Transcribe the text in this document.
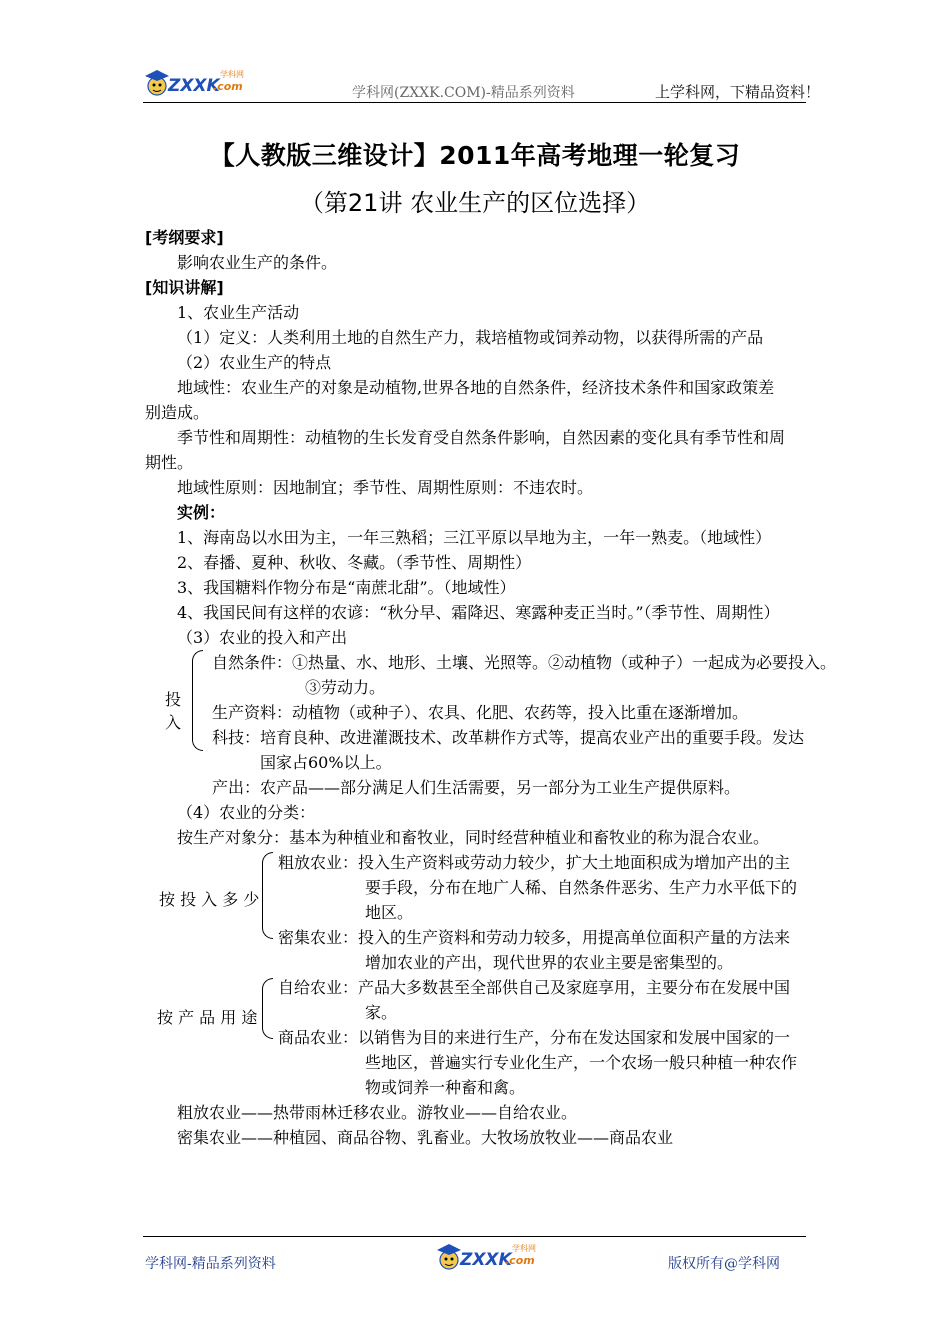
ZXXK
.com
学科网
学科网(ZXXK.COM)-精品系列资料	上学科网，下精品资料！
【人教版三维设计】2011年高考地理一轮复习
（第21讲 农业生产的区位选择）
[考纲要求]
影响农业生产的条件。
[知识讲解]
1、农业生产活动
（1）定义：人类利用土地的自然生产力，栽培植物或饲养动物，以获得所需的产品
（2）农业生产的特点
地域性：农业生产的对象是动植物,世界各地的自然条件，经济技术条件和国家政策差
别造成。
季节性和周期性：动植物的生长发育受自然条件影响，自然因素的变化具有季节性和周
期性。
地域性原则：因地制宜；季节性、周期性原则：不违农时。
实例：
1、海南岛以水田为主，一年三熟稻；三江平原以旱地为主，一年一熟麦。（地域性）
2、春播、夏种、秋收、冬藏。（季节性、周期性）
3、我国糖料作物分布是“南蔗北甜”。（地域性）
4、我国民间有这样的农谚：“秋分早、霜降迟、寒露种麦正当时。”（季节性、周期性）
（3）农业的投入和产出
投
入
自然条件：①热量、水、地形、土壤、光照等。②动植物（或种子）一起成为必要投入。
③劳动力。
生产资料：动植物（或种子）、农具、化肥、农药等，投入比重在逐渐增加。
科技：培育良种、改进灌溉技术、改革耕作方式等，提高农业产出的重要手段。发达
国家占60%以上。
产出：农产品——部分满足人们生活需要，另一部分为工业生产提供原料。
（4）农业的分类：
按生产对象分：基本为种植业和畜牧业，同时经营种植业和畜牧业的称为混合农业。
按 投 入 多 少
粗放农业：投入生产资料或劳动力较少，扩大土地面积成为增加产出的主
要手段，分布在地广人稀、自然条件恶劣、生产力水平低下的
地区。
密集农业：投入的生产资料和劳动力较多，用提高单位面积产量的方法来
增加农业的产出，现代世界的农业主要是密集型的。
按 产 品 用 途
自给农业：产品大多数甚至全部供自己及家庭享用，主要分布在发展中国
家。
商品农业：以销售为目的来进行生产，分布在发达国家和发展中国家的一
些地区，普遍实行专业化生产，一个农场一般只种植一种农作
物或饲养一种畜和禽。
粗放农业——热带雨林迁移农业。游牧业——自给农业。
密集农业——种植园、商品谷物、乳畜业。大牧场放牧业——商品农业
学科网-精品系列资料	ZXXK
.com
学科网
版权所有@学科网
